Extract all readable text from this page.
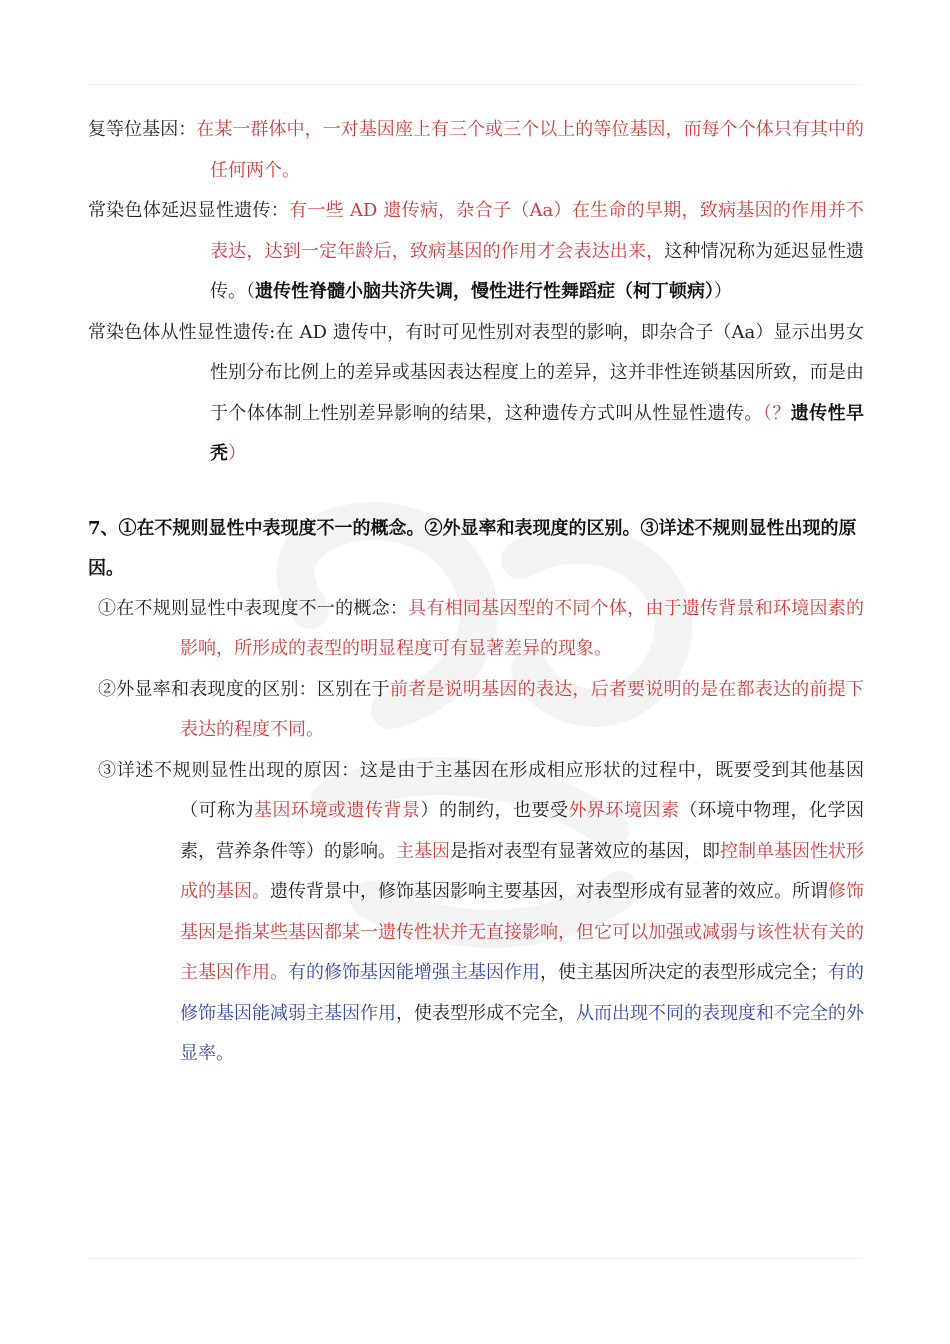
复等位基因：在某一群体中，一对基因座上有三个或三个以上的等位基因，而每个个体只有其中的任何两个。
常染色体延迟显性遗传：有一些 AD 遗传病，杂合子（Aa）在生命的早期，致病基因的作用并不表达，达到一定年龄后，致病基因的作用才会表达出来，这种情况称为延迟显性遗传。（遗传性脊髓小脑共济失调，慢性进行性舞蹈症（柯丁顿病））
常染色体从性显性遗传:在 AD 遗传中，有时可见性别对表型的影响，即杂合子（Aa）显示出男女性别分布比例上的差异或基因表达程度上的差异，这并非性连锁基因所致，而是由于个体体制上性别差异影响的结果，这种遗传方式叫从性显性遗传。（？遗传性早秃）
7、①在不规则显性中表现度不一的概念。②外显率和表现度的区别。③详述不规则显性出现的原因。
①在不规则显性中表现度不一的概念：具有相同基因型的不同个体，由于遗传背景和环境因素的影响，所形成的表型的明显程度可有显著差异的现象。
②外显率和表现度的区别：区别在于前者是说明基因的表达，后者要说明的是在都表达的前提下表达的程度不同。
③详述不规则显性出现的原因：这是由于主基因在形成相应形状的过程中，既要受到其他基因（可称为基因环境或遗传背景）的制约，也要受外界环境因素（环境中物理，化学因素，营养条件等）的影响。主基因是指对表型有显著效应的基因，即控制单基因性状形成的基因。遗传背景中，修饰基因影响主要基因，对表型形成有显著的效应。所谓修饰基因是指某些基因都某一遗传性状并无直接影响，但它可以加强或减弱与该性状有关的主基因作用。有的修饰基因能增强主基因作用，使主基因所决定的表型形成完全；有的修饰基因能减弱主基因作用，使表型形成不完全，从而出现不同的表现度和不完全的外显率。
